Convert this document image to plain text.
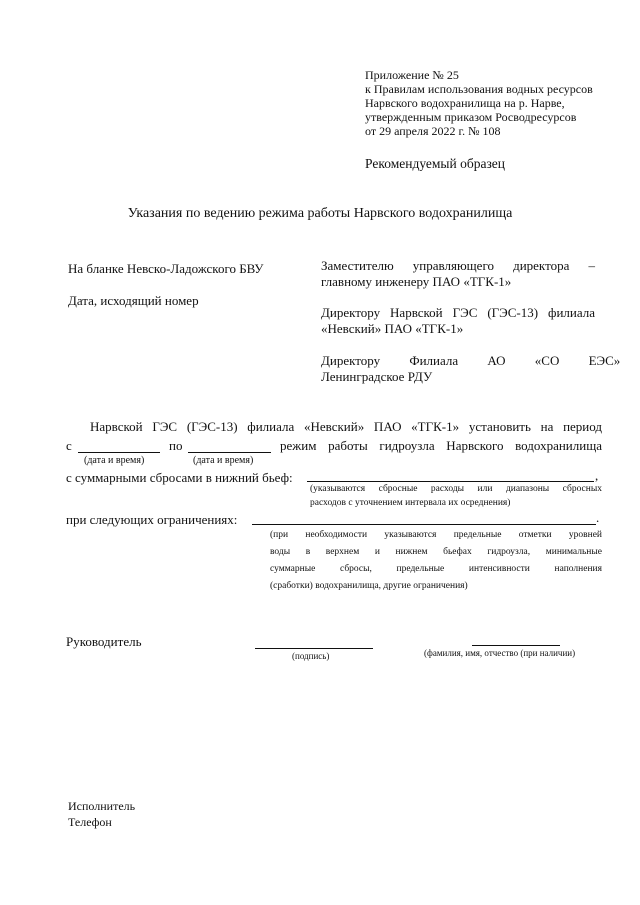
Приложение № 25
к Правилам использования водных ресурсов
Нарвского водохранилища на р. Нарве,
утвержденным приказом Росводресурсов
от 29 апреля 2022 г. № 108
Рекомендуемый образец
Указания по ведению режима работы Нарвского водохранилища
На бланке Невско-Ладожского БВУ
Дата, исходящий номер
Заместителю управляющего директора –
главному инженеру ПАО «ТГК-1»
Директору Нарвской ГЭС (ГЭС-13) филиала
«Невский» ПАО «ТГК-1»
Директору Филиала АО «СО ЕЭС»
Ленинградское РДУ
Нарвской ГЭС (ГЭС-13) филиала «Невский» ПАО «ТГК-1» установить на период
с	по	режим работы гидроузла Нарвского водохранилища
(дата и время)	(дата и время)
с суммарными сбросами в нижний бьеф:	,
(указываются сбросные расходы или диапазоны сбросных
расходов с уточнением интервала их осреднения)
при следующих ограничениях:	.
(при необходимости указываются предельные отметки уровней
воды в верхнем и нижнем бьефах гидроузла, минимальные
суммарные сбросы, предельные интенсивности наполнения
(сработки) водохранилища, другие ограничения)
Руководитель
(подпись)	(фамилия, имя, отчество (при наличии)
Исполнитель
Телефон
